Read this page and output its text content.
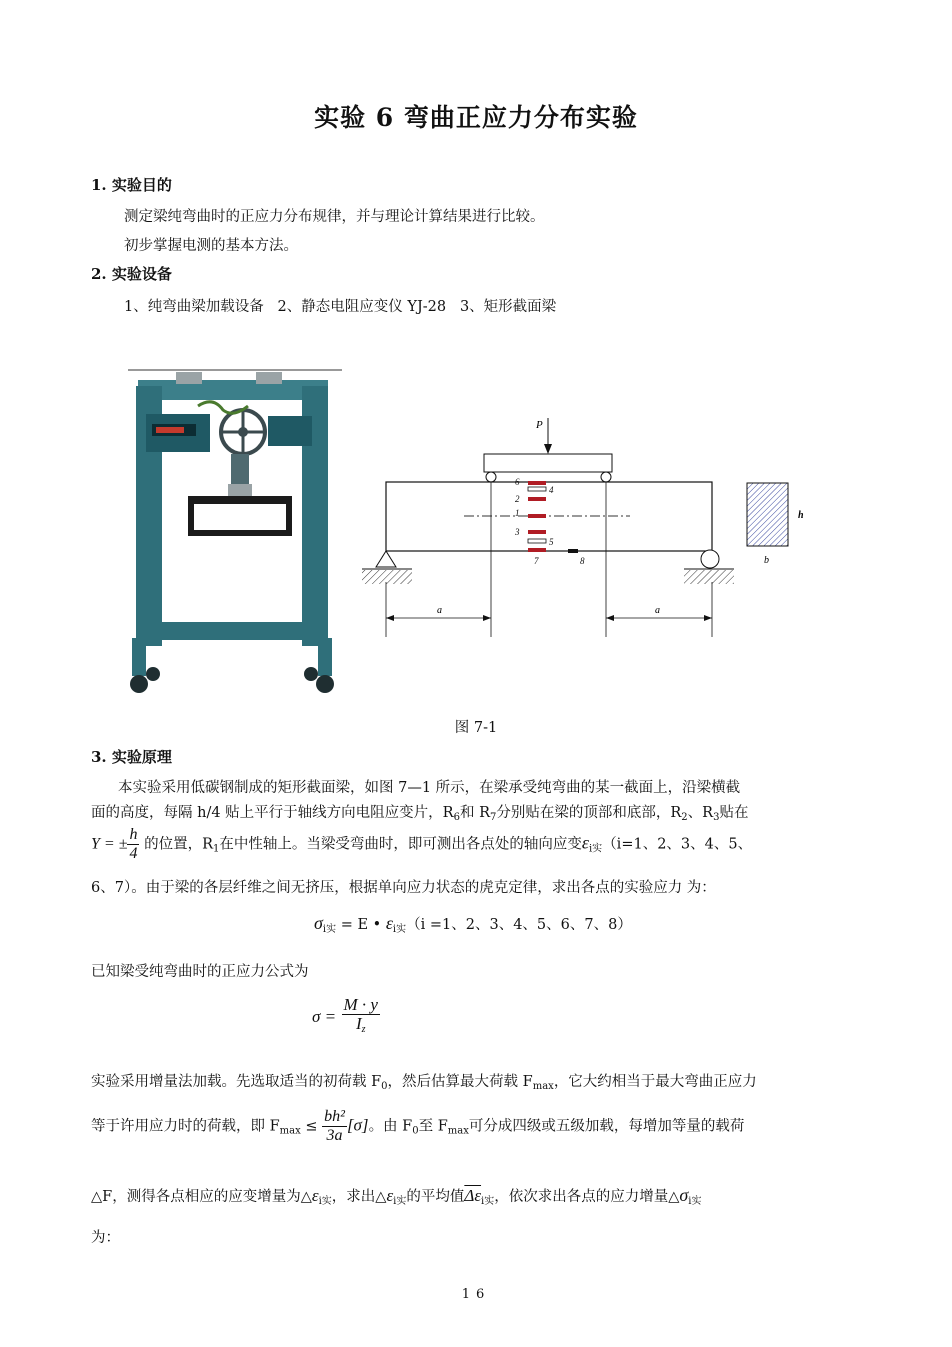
实验 6 弯曲正应力分布实验
1. 实验目的
测定梁纯弯曲时的正应力分布规律，并与理论计算结果进行比较。
初步掌握电测的基本方法。
2. 实验设备
1、纯弯曲梁加载设备   2、静态电阻应变仪 YJ-28   3、矩形截面梁
P
6
4
2
1
3
5
7	8
a	a
h
b
图 7-1
3. 实验原理
本实验采用低碳钢制成的矩形截面梁，如图 7—1 所示，在梁承受纯弯曲的某一截面上，沿梁横截
面的高度，每隔 h/4 贴上平行于轴线方向电阻应变片，$R_6$和 $R_7$分别贴在梁的顶部和底部，$R_2$、$R_3$贴在
Y = ± $\frac{h}{4}$ 的位置，$R_1$在中性轴上。当梁受弯曲时，即可测出各点处的轴向应变$\varepsilon_{i实}(i=1$、2、3、4、5、
6、7）。由于梁的各层纤维之间无挤压，根据单向应力状态的虎克定律，求出各点的实验应力 为：
$\sigma_{i实} = E$ • $\varepsilon_{i实}(i =1$、2、3、4、5、6、7、8）
已知梁受纯弯曲时的正应力公式为
$\sigma = \frac{M \cdot y}{I_z}$
实验采用增量法加载。先选取适当的初荷载 $F_0$，然后估算最大荷载 $F_{max}$，它大约相当于最大弯曲正应力
等于许用应力时的荷载，即 $F_{max} \le \frac{\text{bh²}}{3a} [\sigma]$。由 $F_0$至 $F_{max}$可分成四级或五级加载，每增加等量的载荷
△F，测得各点相应的应变增量为$\triangle\varepsilon_{i实}$，求出$\triangle\varepsilon_{i实}$的平均值$\overline{\Delta\varepsilon}_{i实}$，依次求出各点的应力增量$\triangle\sigma_{i实}$
为：
16
